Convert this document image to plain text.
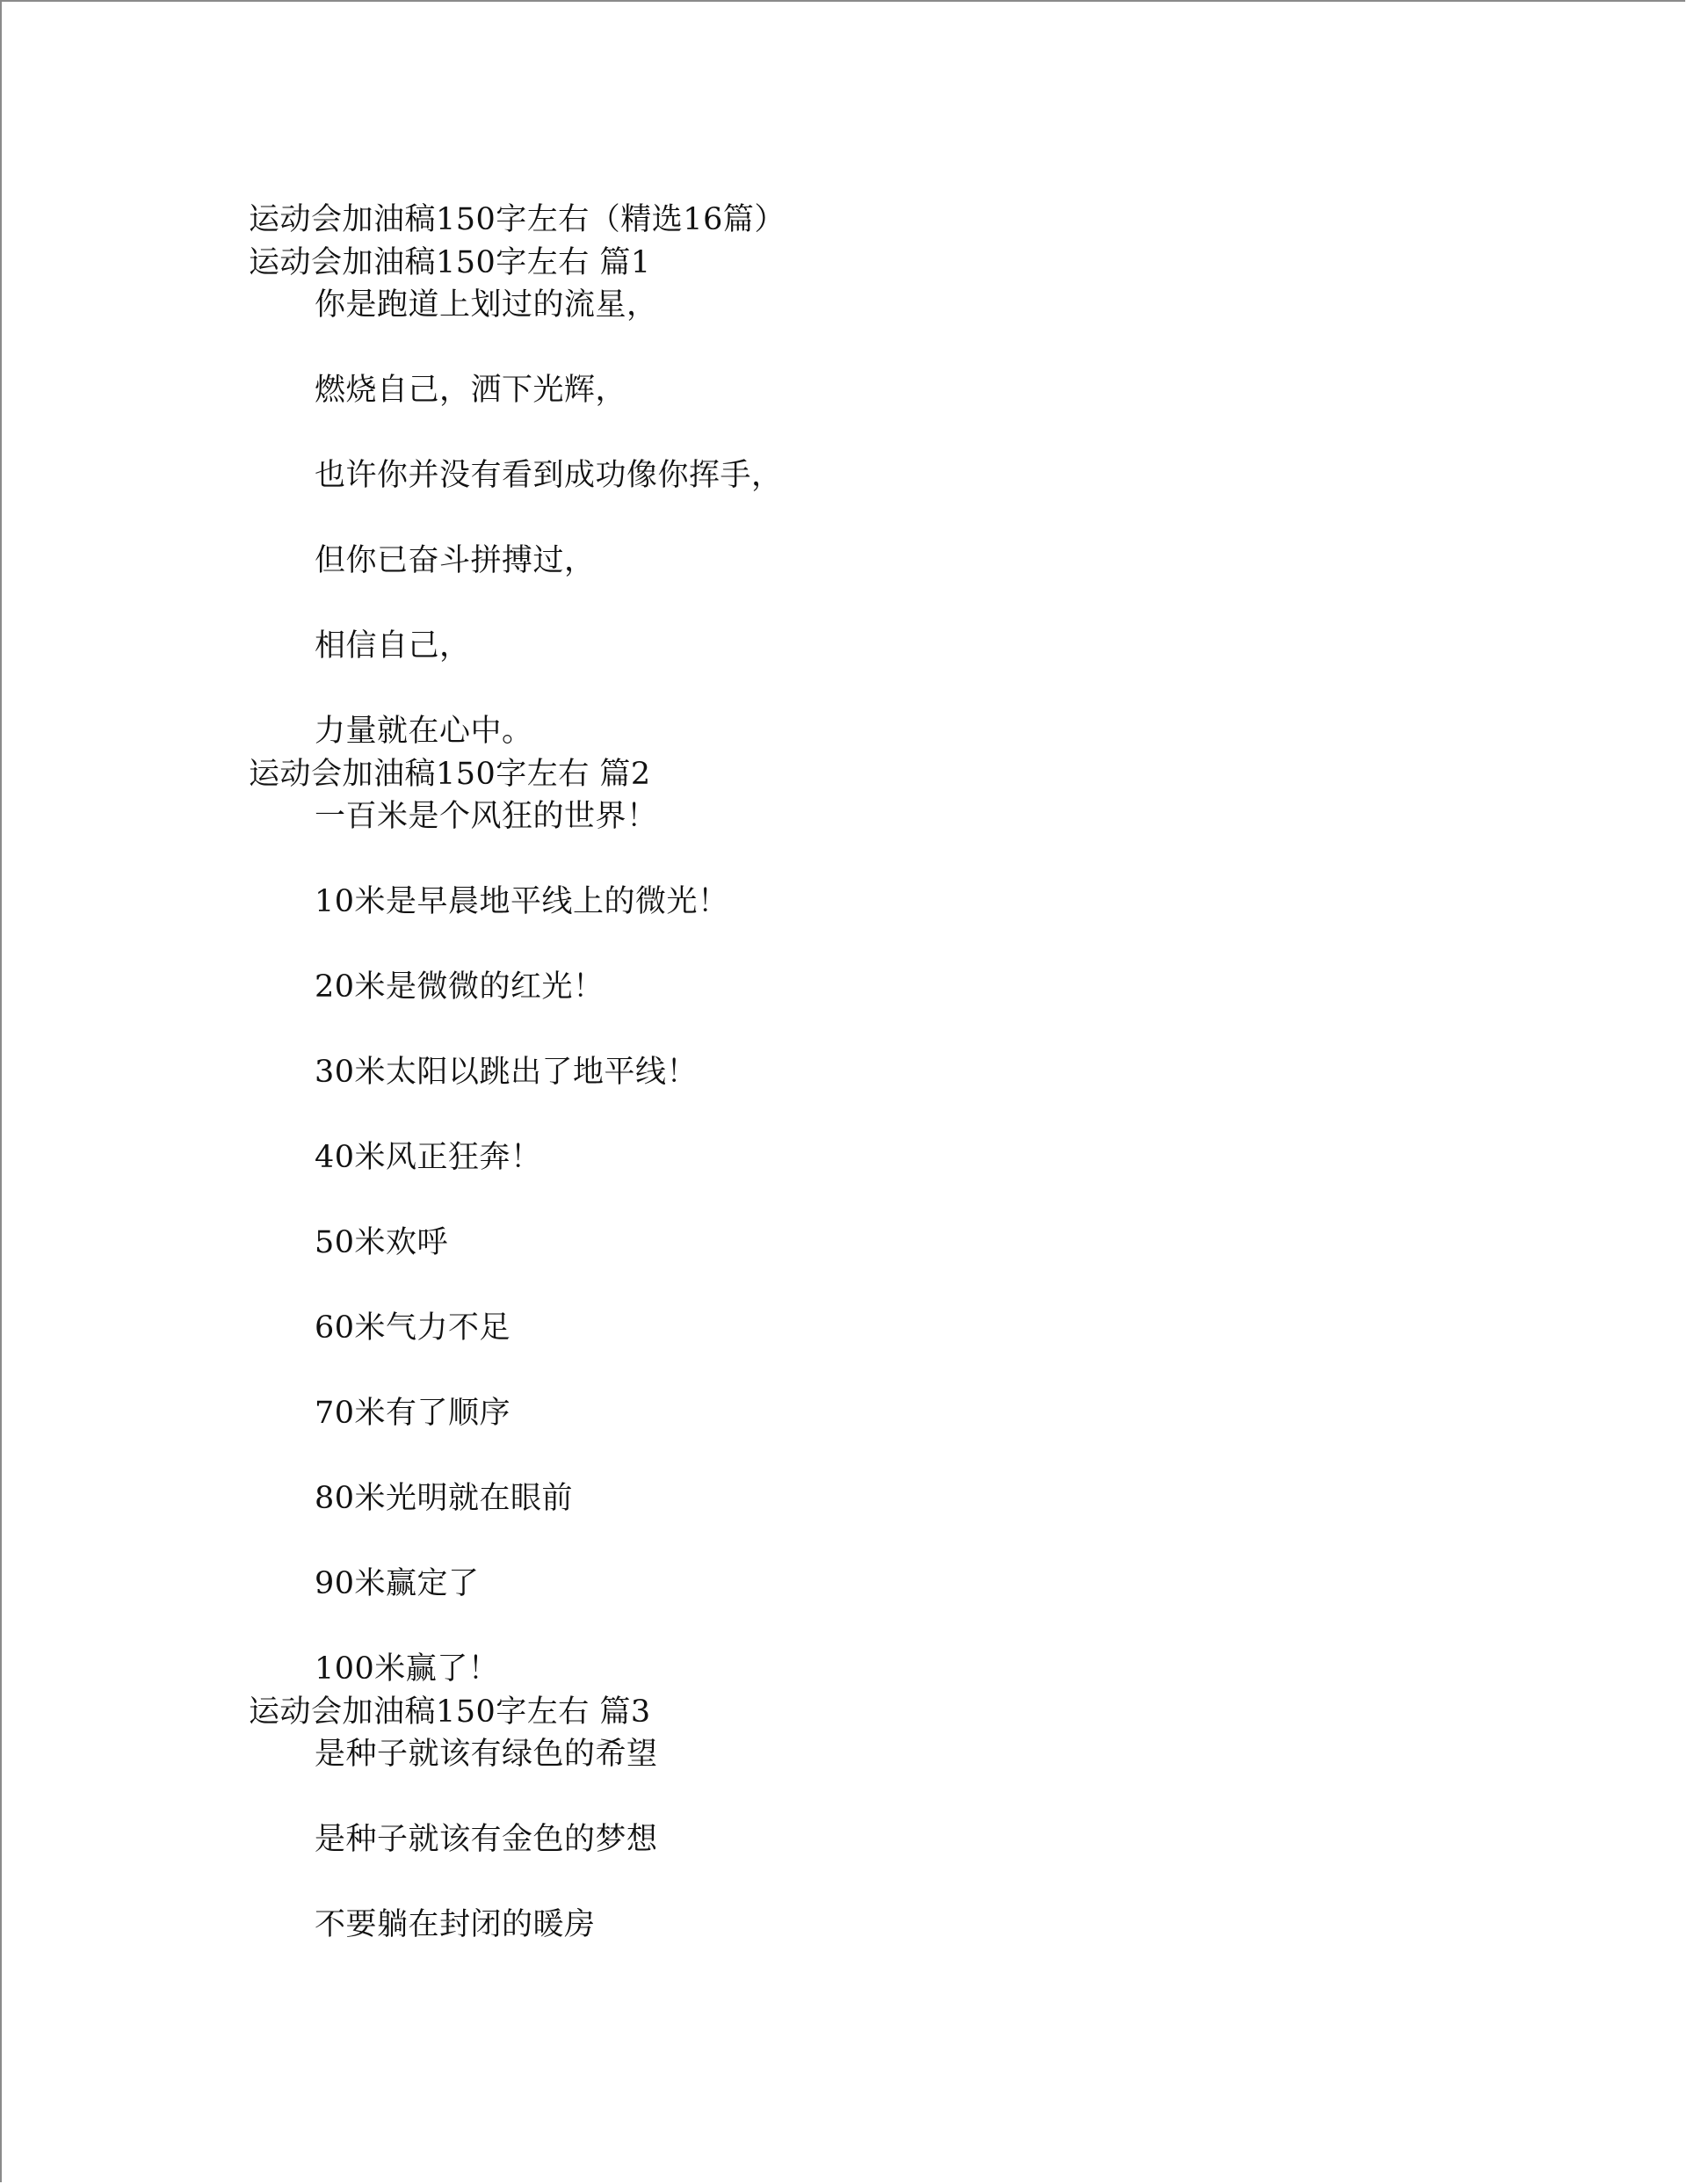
运动会加油稿150字左右（精选16篇）
运动会加油稿150字左右 篇1
你是跑道上划过的流星，
燃烧自己，洒下光辉，
也许你并没有看到成功像你挥手，
但你已奋斗拼搏过，
相信自己，
力量就在心中。
运动会加油稿150字左右 篇2
一百米是个风狂的世界！
10米是早晨地平线上的微光！
20米是微微的红光！
30米太阳以跳出了地平线！
40米风正狂奔！
50米欢呼
60米气力不足
70米有了顺序
80米光明就在眼前
90米赢定了
100米赢了！
运动会加油稿150字左右 篇3
是种子就该有绿色的希望
是种子就该有金色的梦想
不要躺在封闭的暖房
